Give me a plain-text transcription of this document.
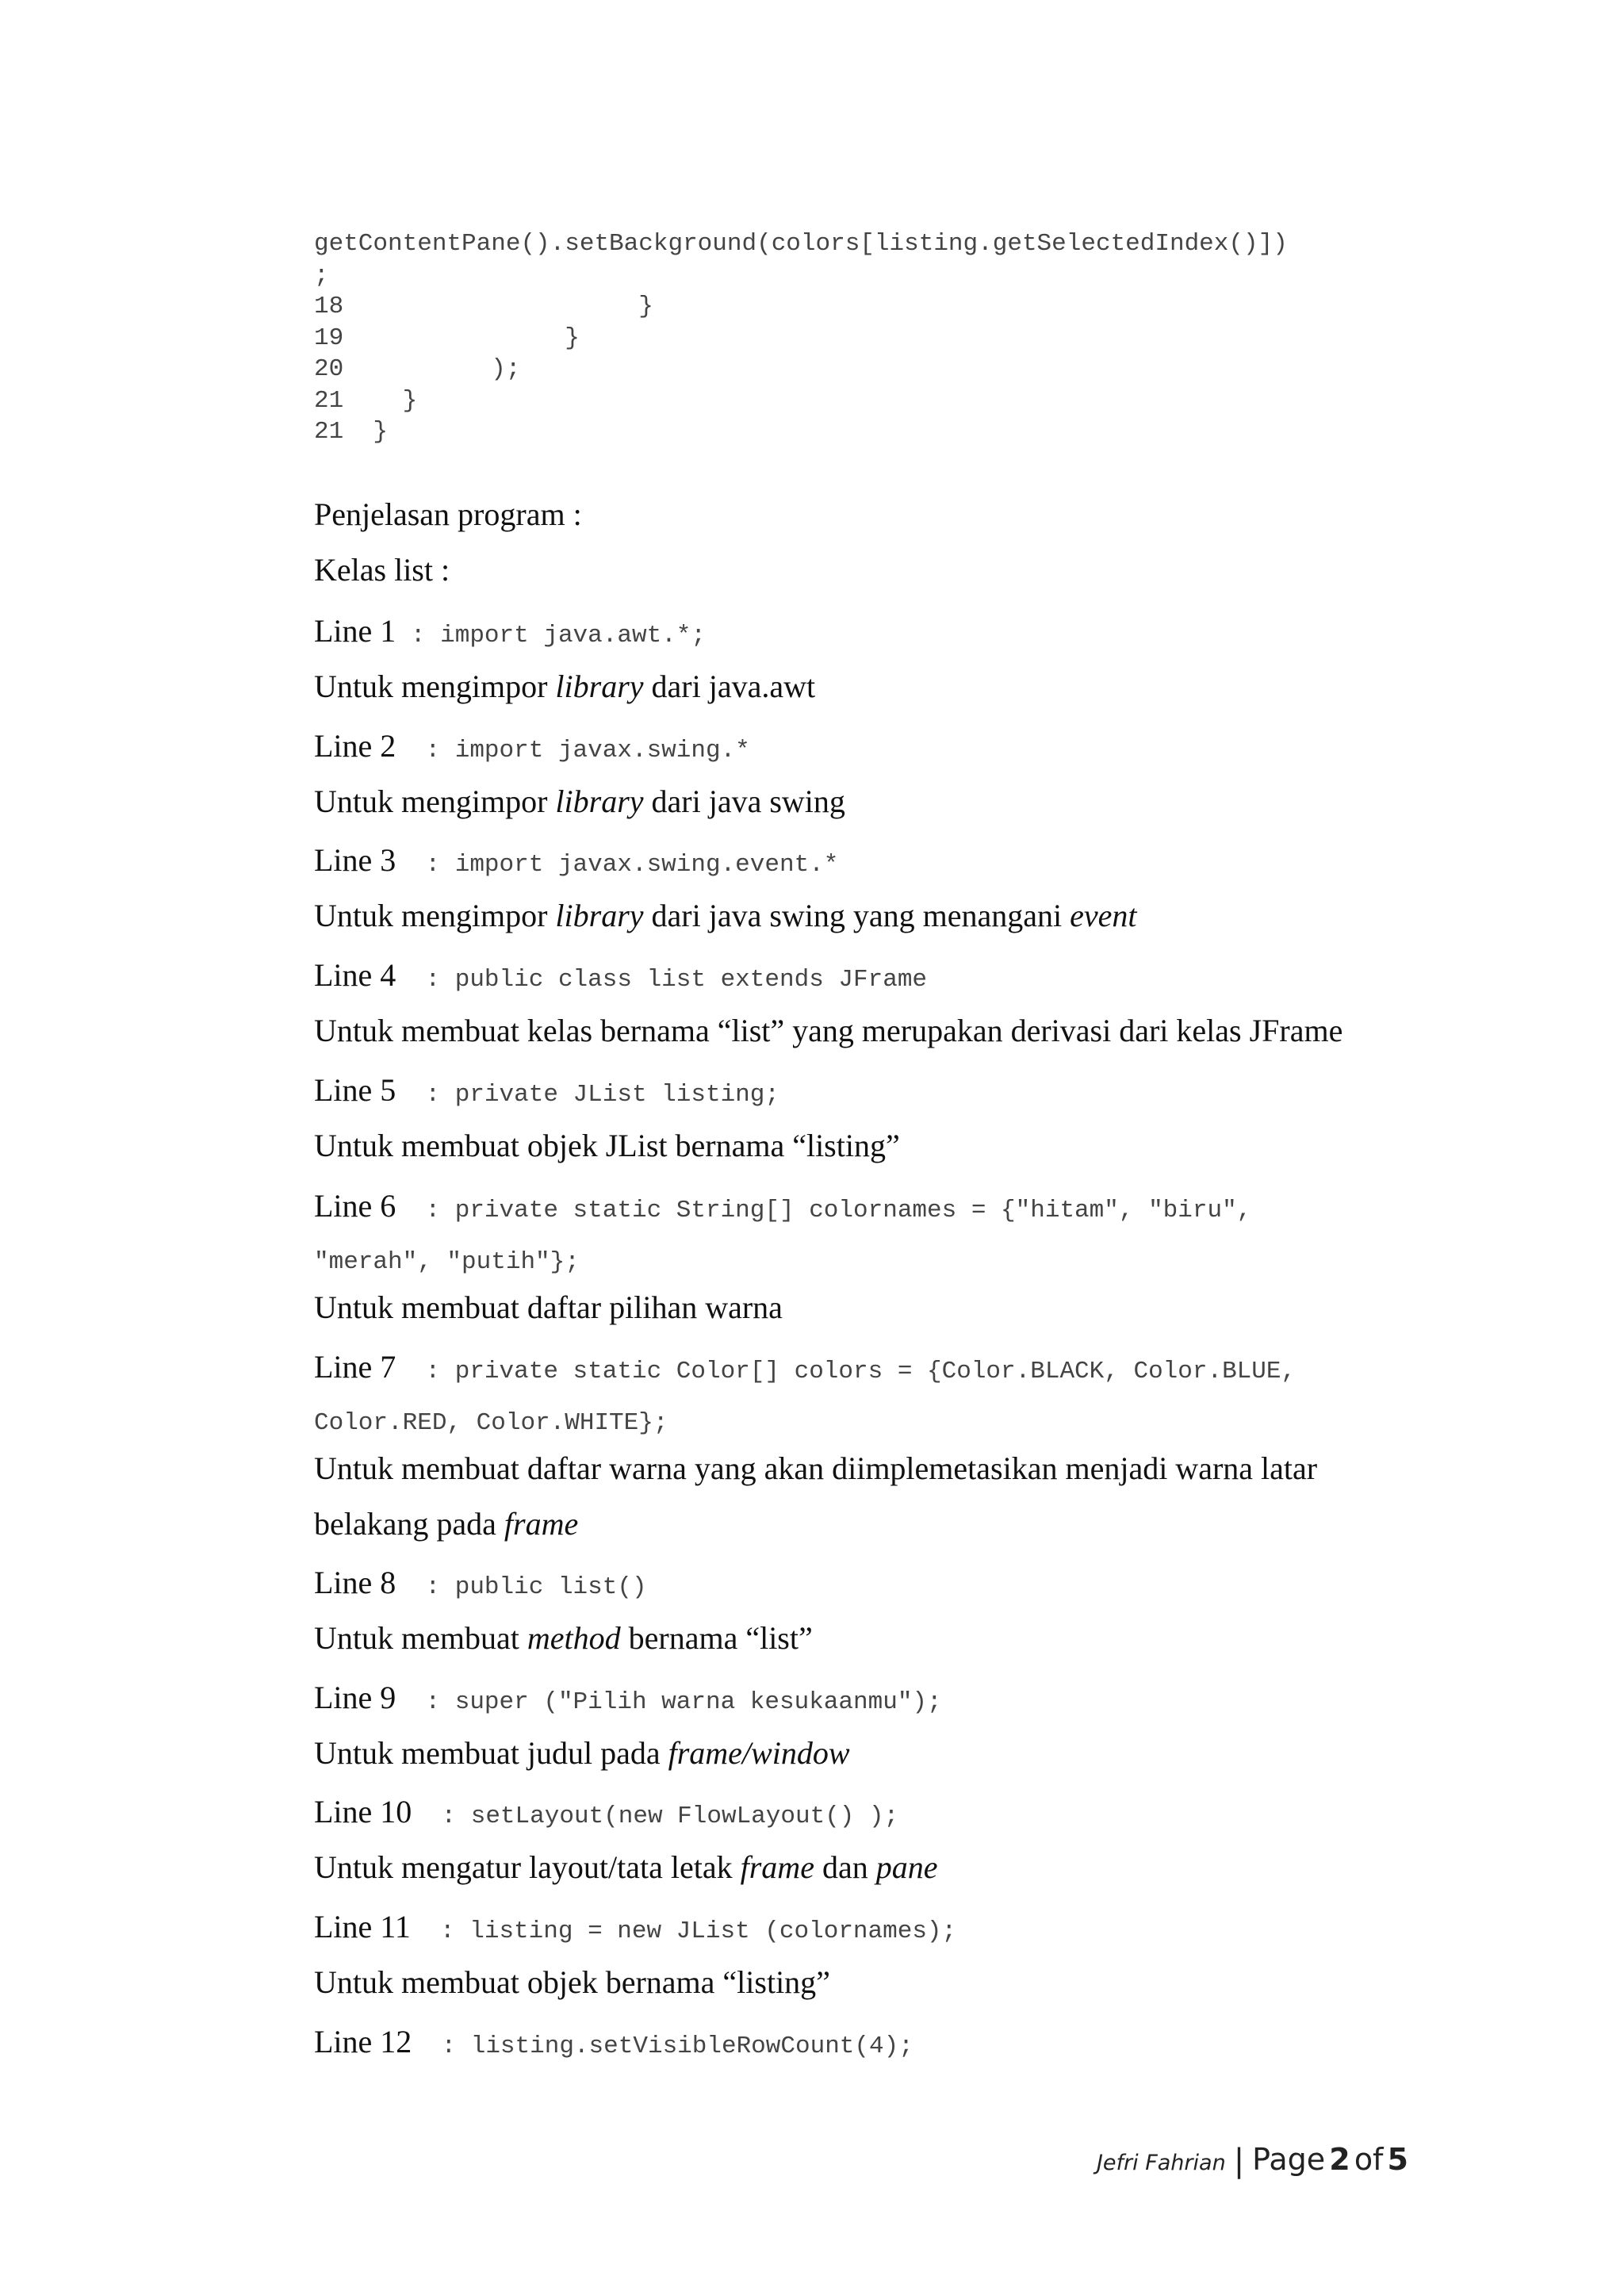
getContentPane().setBackground(colors[listing.getSelectedIndex()])
;
18                    }
19               }
20          );
21    }
21  }
Penjelasan program :
Kelas list :
Line 1 : import java.awt.*;
Untuk mengimpor library dari java.awt
Line 2  : import javax.swing.*
Untuk mengimpor library dari java swing
Line 3  : import javax.swing.event.*
Untuk mengimpor library dari java swing yang menangani event
Line 4  : public class list extends JFrame
Untuk membuat kelas bernama “list” yang merupakan derivasi dari kelas JFrame
Line 5  : private JList listing;
Untuk membuat objek JList bernama “listing”
Line 6  : private static String[] colornames = {"hitam", "biru",
"merah", "putih"};
Untuk membuat daftar pilihan warna
Line 7  : private static Color[] colors = {Color.BLACK, Color.BLUE,
Color.RED, Color.WHITE};
Untuk membuat daftar warna yang akan diimplemetasikan menjadi warna latar
belakang pada frame
Line 8  : public list()
Untuk membuat method bernama “list”
Line 9  : super ("Pilih warna kesukaanmu");
Untuk membuat judul pada frame/window
Line 10  : setLayout(new FlowLayout() );
Untuk mengatur layout/tata letak frame dan pane
Line 11  : listing = new JList (colornames);
Untuk membuat objek bernama “listing”
Line 12  : listing.setVisibleRowCount(4);
Jefri Fahrian | Page 2 of 5
